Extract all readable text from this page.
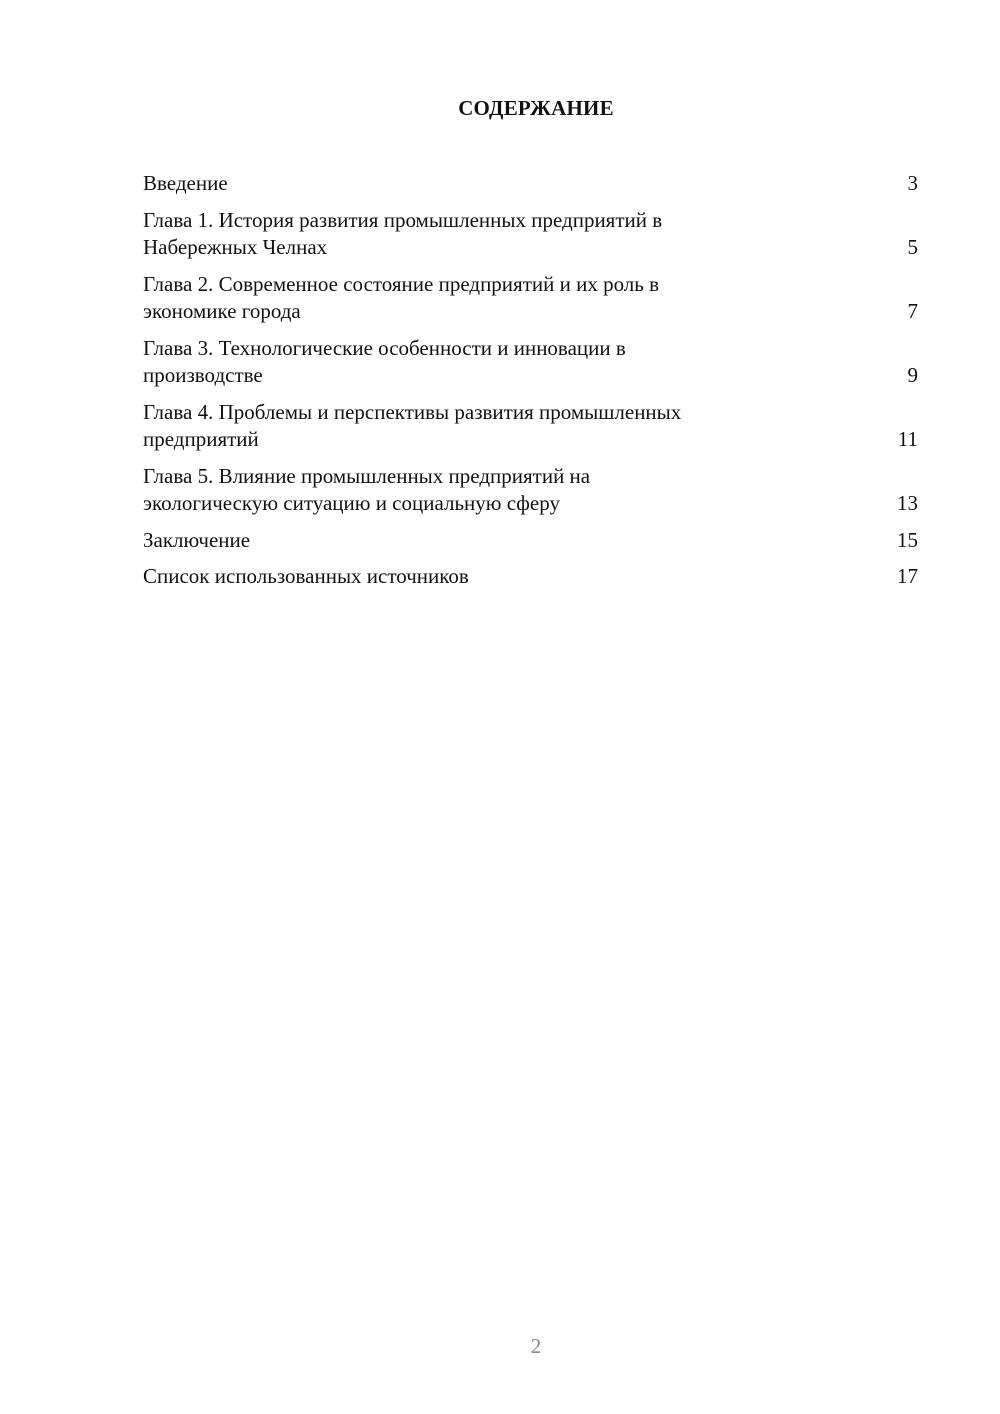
СОДЕРЖАНИЕ
Введение	3
Глава 1. История развития промышленных предприятий в
Набережных Челнах	5
Глава 2. Современное состояние предприятий и их роль в
экономике города	7
Глава 3. Технологические особенности и инновации в
производстве	9
Глава 4. Проблемы и перспективы развития промышленных
предприятий	11
Глава 5. Влияние промышленных предприятий на
экологическую ситуацию и социальную сферу	13
Заключение	15
Список использованных источников	17
2
